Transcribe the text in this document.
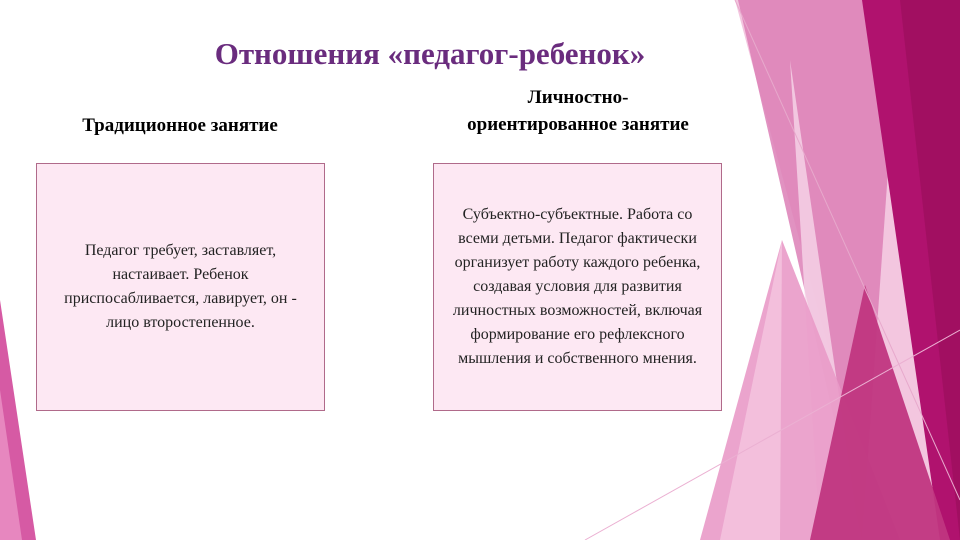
Отношения «педагог-ребенок»
Традиционное занятие
Личностно-
ориентированное занятие

Педагог требует, заставляет, настаивает. Ребенок приспосабливается, лавирует, он - лицо второстепенное.

Субъектно-субъектные. Работа со всеми детьми. Педагог фактически организует работу каждого ребенка, создавая условия для развития личностных возможностей, включая формирование его рефлексного мышления и собственного мнения.
